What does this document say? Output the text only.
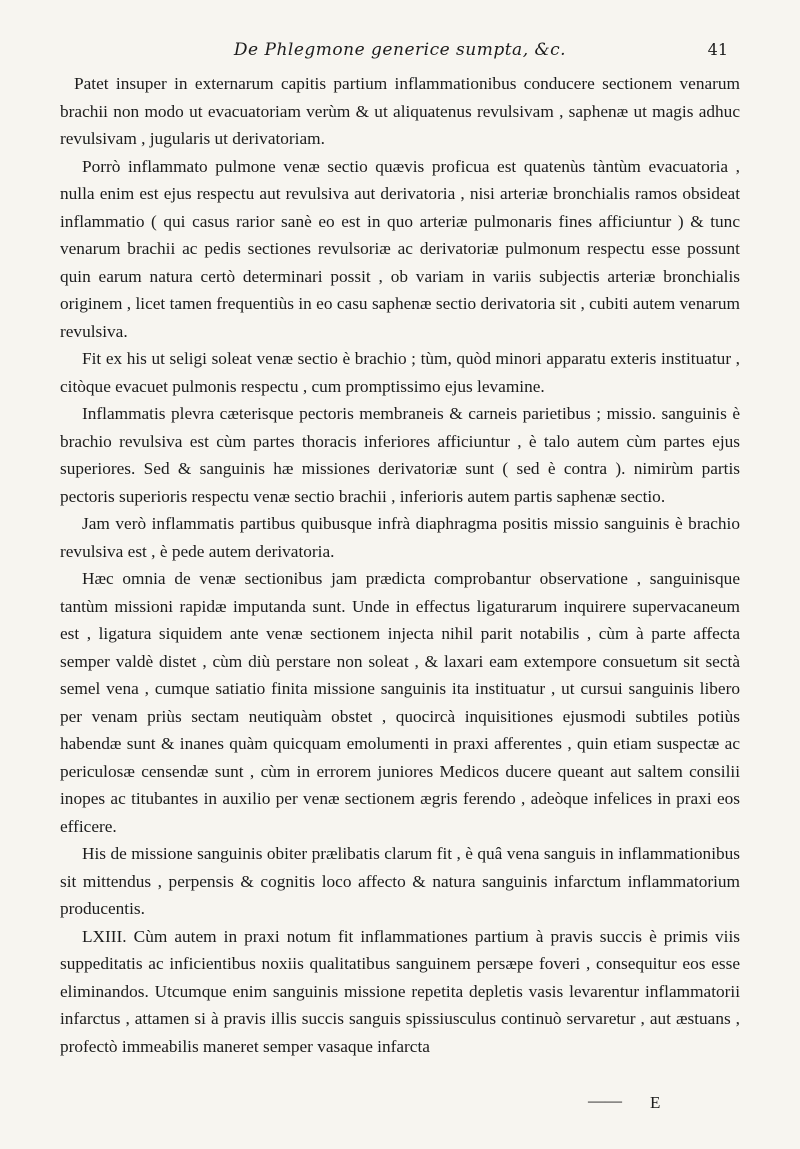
De Phlegmone generice sumpta, &c.	41

Patet insuper in externarum capitis partium inflammationibus conducere sectionem venarum brachii non modo ut evacuatoriam verùm & ut aliquatenus revulsivam , saphenæ ut magis adhuc revulsivam , jugularis ut derivatoriam.

Porrò inflammato pulmone venæ sectio quævis proficua est quatenùs tàntùm evacuatoria , nulla enim est ejus respectu aut revulsiva aut derivatoria , nisi arteriæ bronchialis ramos obsideat inflammatio ( qui casus rarior sanè eo est in quo arteriæ pulmonaris fines afficiuntur ) & tunc venarum brachii ac pedis sectiones revulsoriæ ac derivatoriæ pulmonum respectu esse possunt quin earum natura certò determinari possit , ob variam in variis subjectis arteriæ bronchialis originem , licet tamen frequentiùs in eo casu saphenæ sectio derivatoria sit , cubiti autem venarum revulsiva.

Fit ex his ut seligi soleat venæ sectio è brachio ; tùm, quòd minori apparatu exteris instituatur , citòque evacuet pulmonis respectu , cum promptissimo ejus levamine.

Inflammatis plevra cæterisque pectoris membraneis & carneis parietibus ; missio. sanguinis è brachio revulsiva est cùm partes thoracis inferiores afficiuntur , è talo autem cùm partes ejus superiores. Sed & sanguinis hæ missiones derivatoriæ sunt ( sed è contra ). nimirùm partis pectoris superioris respectu venæ sectio brachii , inferioris autem partis saphenæ sectio.

Jam verò inflammatis partibus quibusque infrà diaphragma positis missio sanguinis è brachio revulsiva est , è pede autem derivatoria.

Hæc omnia de venæ sectionibus jam prædicta comprobantur observatione , sanguinisque tantùm missioni rapidæ imputanda sunt. Unde in effectus ligaturarum inquirere supervacaneum est , ligatura siquidem ante venæ sectionem injecta nihil parit notabilis , cùm à parte affecta semper valdè distet , cùm diù perstare non soleat , & laxari eam extempore consuetum sit sectà semel vena , cumque satiatio finita missione sanguinis ita instituatur , ut cursui sanguinis libero per venam priùs sectam neutiquàm obstet , quocircà inquisitiones ejusmodi subtiles potiùs habendæ sunt & inanes quàm quicquam emolumenti in praxi afferentes , quin etiam suspectæ ac periculosæ censendæ sunt , cùm in errorem juniores Medicos ducere queant aut saltem consilii inopes ac titubantes in auxilio per venæ sectionem ægris ferendo , adeòque infelices in praxi eos efficere.

His de missione sanguinis obiter prælibatis clarum fit , è quâ vena sanguis in inflammationibus sit mittendus , perpensis & cognitis loco affecto & natura sanguinis infarctum inflammatorium producentis.

LXIII. Cùm autem in praxi notum fit inflammationes partium à pravis succis è primis viis suppeditatis ac inficientibus noxiis qualitatibus sanguinem persæpe foveri , consequitur eos esse eliminandos. Utcumque enim sanguinis missione repetita depletis vasis levarentur inflammatorii infarctus , attamen si à pravis illis succis sanguis spissiusculus continuò servaretur , aut æstuans , profectò immeabilis maneret semper vasaque infarcta

E
——
